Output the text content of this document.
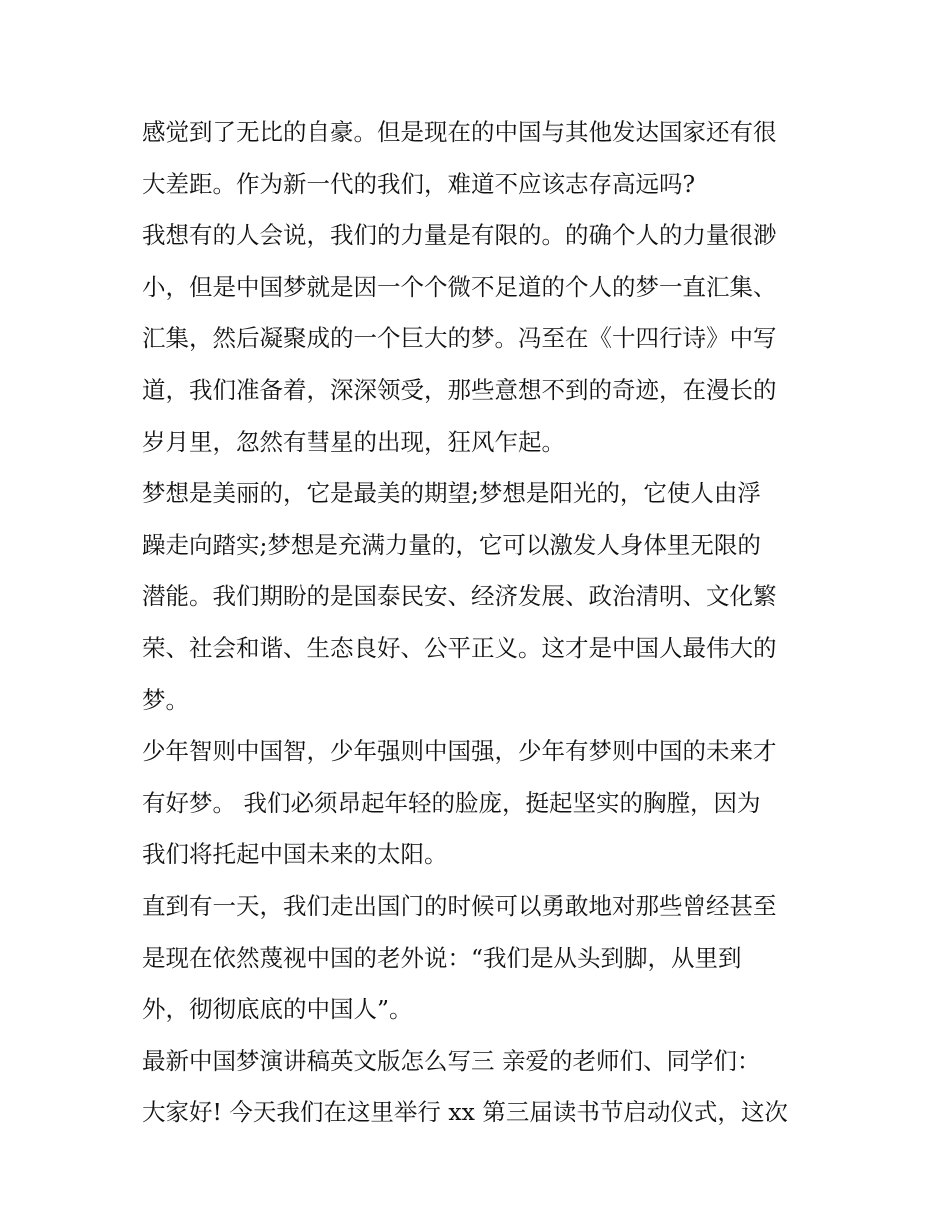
感觉到了无比的自豪。但是现在的中国与其他发达国家还有很
大差距。作为新一代的我们，难道不应该志存高远吗?
我想有的人会说，我们的力量是有限的。的确个人的力量很渺
小，但是中国梦就是因一个个微不足道的个人的梦一直汇集、
汇集，然后凝聚成的一个巨大的梦。冯至在《十四行诗》中写
道，我们准备着，深深领受，那些意想不到的奇迹，在漫长的
岁月里，忽然有彗星的出现，狂风乍起。
梦想是美丽的，它是最美的期望;梦想是阳光的，它使人由浮
躁走向踏实;梦想是充满力量的，它可以激发人身体里无限的
潜能。我们期盼的是国泰民安、经济发展、政治清明、文化繁
荣、社会和谐、生态良好、公平正义。这才是中国人最伟大的
梦。
少年智则中国智，少年强则中国强，少年有梦则中国的未来才
有好梦。 我们必须昂起年轻的脸庞，挺起坚实的胸膛，因为
我们将托起中国未来的太阳。
直到有一天，我们走出国门的时候可以勇敢地对那些曾经甚至
是现在依然蔑视中国的老外说：“我们是从头到脚，从里到
外，彻彻底底的中国人”。
最新中国梦演讲稿英文版怎么写三 亲爱的老师们、同学们：
大家好! 今天我们在这里举行 xx 第三届读书节启动仪式，这次
